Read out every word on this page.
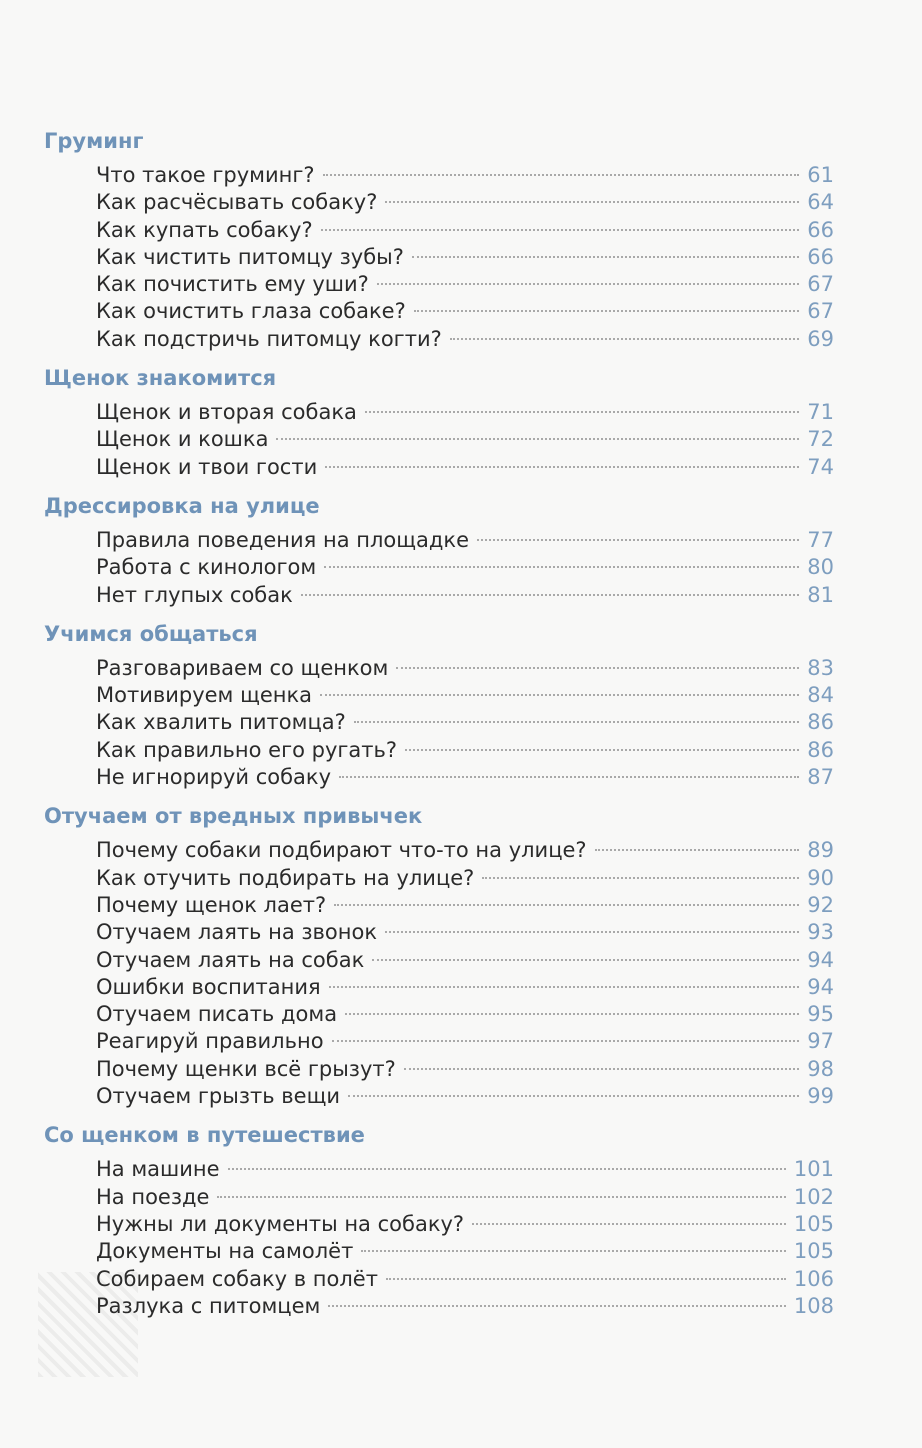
Груминг
Что такое груминг?	61
Как расчёсывать собаку?	64
Как купать собаку?	66
Как чистить питомцу зубы?	66
Как почистить ему уши?	67
Как очистить глаза собаке?	67
Как подстричь питомцу когти?	69
Щенок знакомится
Щенок и вторая собака	71
Щенок и кошка	72
Щенок и твои гости	74
Дрессировка на улице
Правила поведения на площадке	77
Работа с кинологом	80
Нет глупых собак	81
Учимся общаться
Разговариваем со щенком	83
Мотивируем щенка	84
Как хвалить питомца?	86
Как правильно его ругать?	86
Не игнорируй собаку	87
Отучаем от вредных привычек
Почему собаки подбирают что-то на улице?	89
Как отучить подбирать на улице?	90
Почему щенок лает?	92
Отучаем лаять на звонок	93
Отучаем лаять на собак	94
Ошибки воспитания	94
Отучаем писать дома	95
Реагируй правильно	97
Почему щенки всё грызут?	98
Отучаем грызть вещи	99
Со щенком в путешествие
На машине	101
На поезде	102
Нужны ли документы на собаку?	105
Документы на самолёт	105
Собираем собаку в полёт	106
Разлука с питомцем	108
